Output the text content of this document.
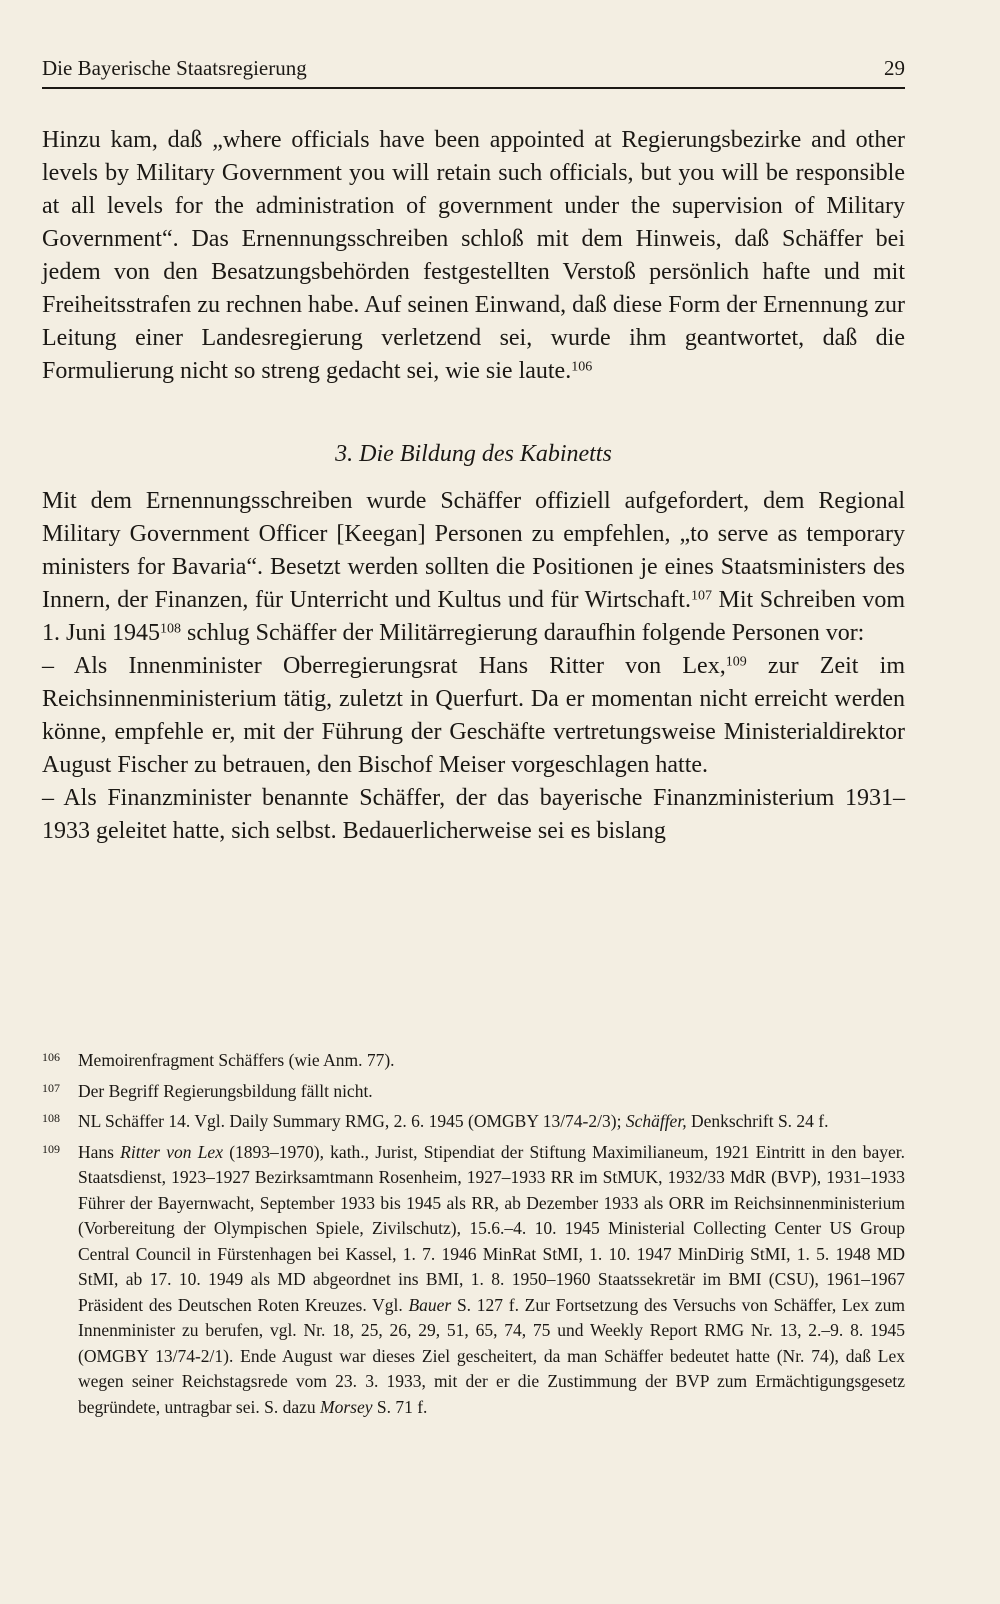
Die Bayerische Staatsregierung	29

Hinzu kam, daß „where officials have been appointed at Regierungsbezirke and other levels by Military Government you will retain such officials, but you will be responsible at all levels for the administration of government under the supervision of Military Government“. Das Ernennungsschreiben schloß mit dem Hinweis, daß Schäffer bei jedem von den Besatzungsbehörden festgestellten Verstoß persönlich hafte und mit Freiheitsstrafen zu rechnen habe. Auf seinen Einwand, daß diese Form der Ernennung zur Leitung einer Landesregierung verletzend sei, wurde ihm geantwortet, daß die Formulierung nicht so streng gedacht sei, wie sie laute.$^{106}$

3. Die Bildung des Kabinetts

Mit dem Ernennungsschreiben wurde Schäffer offiziell aufgefordert, dem Regional Military Government Officer [Keegan] Personen zu empfehlen, „to serve as temporary ministers for Bavaria“. Besetzt werden sollten die Positionen je eines Staatsministers des Innern, der Finanzen, für Unterricht und Kultus und für Wirtschaft.$^{107}$ Mit Schreiben vom 1. Juni 1945$^{108}$ schlug Schäffer der Militärregierung daraufhin folgende Personen vor:

– Als Innenminister Oberregierungsrat Hans Ritter von Lex,$^{109}$ zur Zeit im Reichsinnenministerium tätig, zuletzt in Querfurt. Da er momentan nicht erreicht werden könne, empfehle er, mit der Führung der Geschäfte vertretungsweise Ministerialdirektor August Fischer zu betrauen, den Bischof Meiser vorgeschlagen hatte.

– Als Finanzminister benannte Schäffer, der das bayerische Finanzministerium 1931–1933 geleitet hatte, sich selbst. Bedauerlicherweise sei es bislang

106	Memoirenfragment Schäffers (wie Anm. 77).
107	Der Begriff Regierungsbildung fällt nicht.
108	NL Schäffer 14. Vgl. Daily Summary RMG, 2. 6. 1945 (OMGBY 13/74-2/3); Schäffer, Denkschrift S. 24 f.
109	Hans Ritter von Lex (1893–1970), kath., Jurist, Stipendiat der Stiftung Maximilianeum, 1921 Eintritt in den bayer. Staatsdienst, 1923–1927 Bezirksamtmann Rosenheim, 1927–1933 RR im StMUK, 1932/33 MdR (BVP), 1931–1933 Führer der Bayernwacht, September 1933 bis 1945 als RR, ab Dezember 1933 als ORR im Reichsinnenministerium (Vorbereitung der Olympischen Spiele, Zivilschutz), 15.6.–4. 10. 1945 Ministerial Collecting Center US Group Central Council in Fürstenhagen bei Kassel, 1. 7. 1946 MinRat StMI, 1. 10. 1947 MinDirig StMI, 1. 5. 1948 MD StMI, ab 17. 10. 1949 als MD abgeordnet ins BMI, 1. 8. 1950–1960 Staatssekretär im BMI (CSU), 1961–1967 Präsident des Deutschen Roten Kreuzes. Vgl. Bauer S. 127 f. Zur Fortsetzung des Versuchs von Schäffer, Lex zum Innenminister zu berufen, vgl. Nr. 18, 25, 26, 29, 51, 65, 74, 75 und Weekly Report RMG Nr. 13, 2.–9. 8. 1945 (OMGBY 13/74-2/1). Ende August war dieses Ziel gescheitert, da man Schäffer bedeutet hatte (Nr. 74), daß Lex wegen seiner Reichstagsrede vom 23. 3. 1933, mit der er die Zustimmung der BVP zum Ermächtigungsgesetz begründete, untragbar sei. S. dazu Morsey S. 71 f.
